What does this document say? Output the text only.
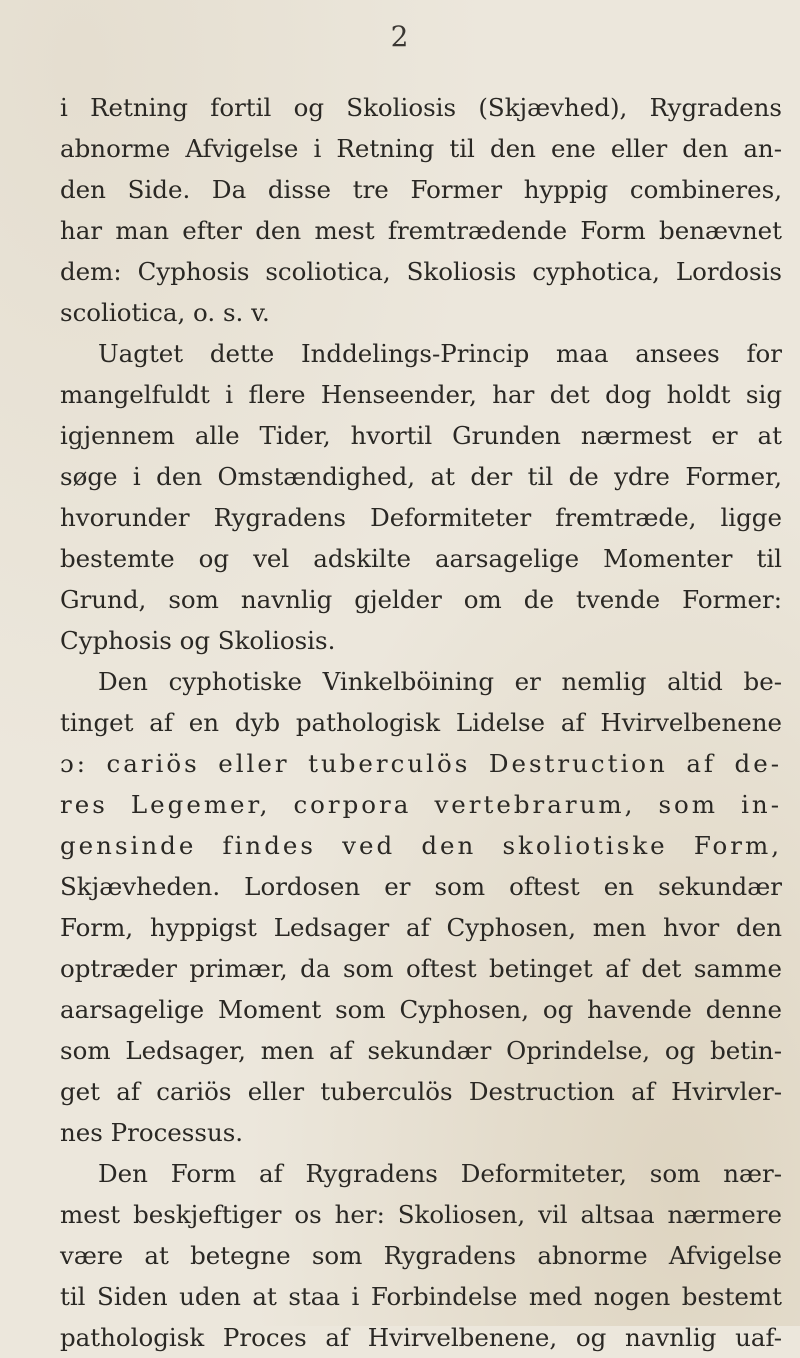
2
i Retning fortil og Skoliosis (Skjævhed), Rygradens
abnorme Afvigelse i Retning til den ene eller den an-
den Side. Da disse tre Former hyppig combineres,
har man efter den mest fremtrædende Form benævnet
dem: Cyphosis scoliotica, Skoliosis cyphotica, Lordosis
scoliotica, o. s. v.
Uagtet dette Inddelings-Princip maa ansees for
mangelfuldt i flere Henseender, har det dog holdt sig
igjennem alle Tider, hvortil Grunden nærmest er at
søge i den Omstændighed, at der til de ydre Former,
hvorunder Rygradens Deformiteter fremtræde, ligge
bestemte og vel adskilte aarsagelige Momenter til
Grund, som navnlig gjelder om de tvende Former:
Cyphosis og Skoliosis.
Den cyphotiske Vinkelböining er nemlig altid be-
tinget af en dyb pathologisk Lidelse af Hvirvelbenene
ɔ: cariös eller tuberculös Destruction af de-
res Legemer, corpora vertebrarum, som in-
gensinde findes ved den skoliotiske Form,
Skjævheden. Lordosen er som oftest en sekundær
Form, hyppigst Ledsager af Cyphosen, men hvor den
optræder primær, da som oftest betinget af det samme
aarsagelige Moment som Cyphosen, og havende denne
som Ledsager, men af sekundær Oprindelse, og betin-
get af cariös eller tuberculös Destruction af Hvirvler-
nes Processus.
Den Form af Rygradens Deformiteter, som nær-
mest beskjeftiger os her: Skoliosen, vil altsaa nærmere
være at betegne som Rygradens abnorme Afvigelse
til Siden uden at staa i Forbindelse med nogen bestemt
pathologisk Proces af Hvirvelbenene, og navnlig uaf-
